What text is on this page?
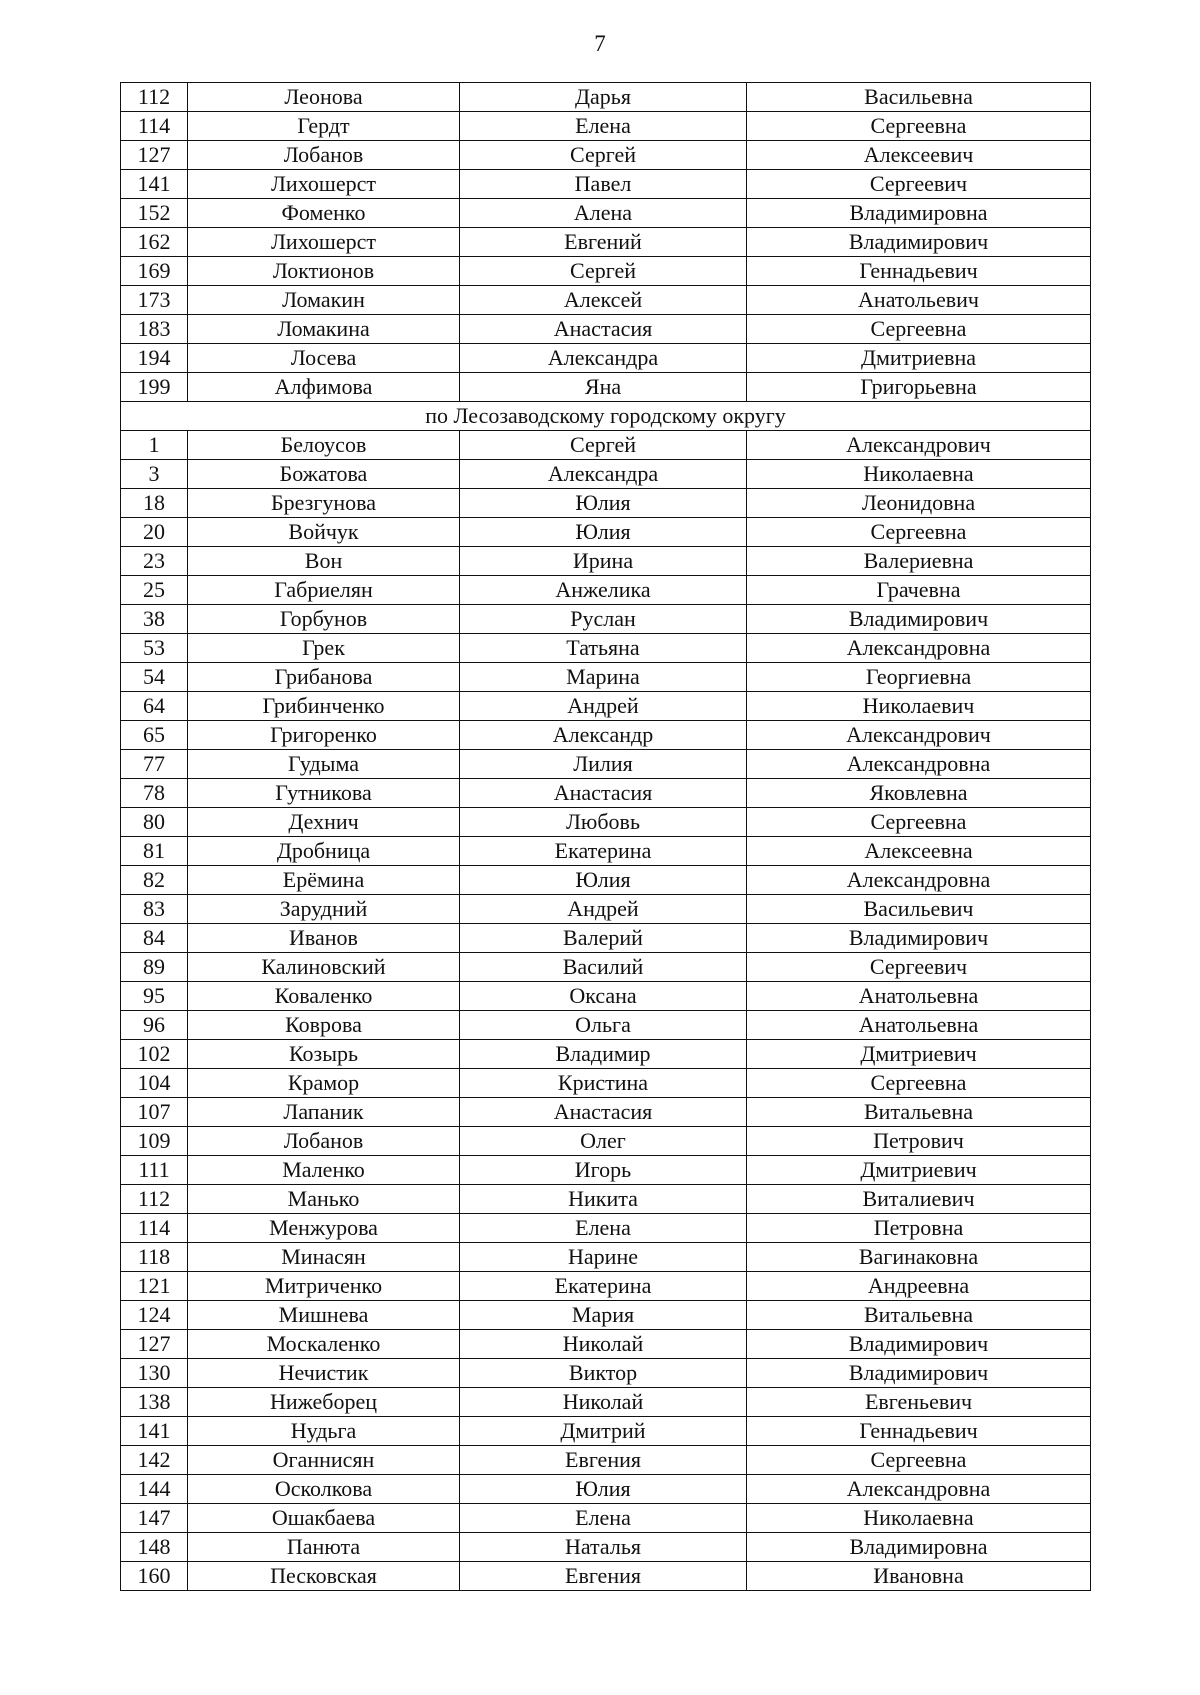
7
112	Леонова	Дарья	Васильевна
114	Гердт	Елена	Сергеевна
127	Лобанов	Сергей	Алексеевич
141	Лихошерст	Павел	Сергеевич
152	Фоменко	Алена	Владимировна
162	Лихошерст	Евгений	Владимирович
169	Локтионов	Сергей	Геннадьевич
173	Ломакин	Алексей	Анатольевич
183	Ломакина	Анастасия	Сергеевна
194	Лосева	Александра	Дмитриевна
199	Алфимова	Яна	Григорьевна
по Лесозаводскому городскому округу			
1	Белоусов	Сергей	Александрович
3	Божатова	Александра	Николаевна
18	Брезгунова	Юлия	Леонидовна
20	Войчук	Юлия	Сергеевна
23	Вон	Ирина	Валериевна
25	Габриелян	Анжелика	Грачевна
38	Горбунов	Руслан	Владимирович
53	Грек	Татьяна	Александровна
54	Грибанова	Марина	Георгиевна
64	Грибинченко	Андрей	Николаевич
65	Григоренко	Александр	Александрович
77	Гудыма	Лилия	Александровна
78	Гутникова	Анастасия	Яковлевна
80	Дехнич	Любовь	Сергеевна
81	Дробница	Екатерина	Алексеевна
82	Ерёмина	Юлия	Александровна
83	Зарудний	Андрей	Васильевич
84	Иванов	Валерий	Владимирович
89	Калиновский	Василий	Сергеевич
95	Коваленко	Оксана	Анатольевна
96	Коврова	Ольга	Анатольевна
102	Козырь	Владимир	Дмитриевич
104	Крамор	Кристина	Сергеевна
107	Лапаник	Анастасия	Витальевна
109	Лобанов	Олег	Петрович
111	Маленко	Игорь	Дмитриевич
112	Манько	Никита	Виталиевич
114	Менжурова	Елена	Петровна
118	Минасян	Нарине	Вагинаковна
121	Митриченко	Екатерина	Андреевна
124	Мишнева	Мария	Витальевна
127	Москаленко	Николай	Владимирович
130	Нечистик	Виктор	Владимирович
138	Нижеборец	Николай	Евгеньевич
141	Нудьга	Дмитрий	Геннадьевич
142	Оганнисян	Евгения	Сергеевна
144	Осколкова	Юлия	Александровна
147	Ошакбаева	Елена	Николаевна
148	Панюта	Наталья	Владимировна
160	Песковская	Евгения	Ивановна
